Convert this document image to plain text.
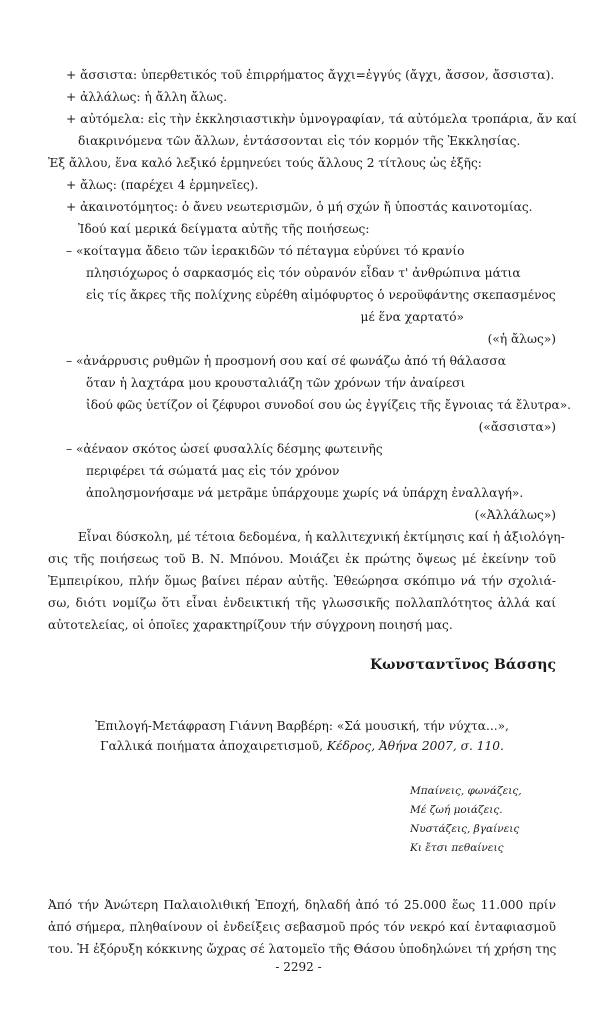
+ ἄσσιστα: ὑπερθετικός τοῦ ἐπιρρήματος ἄγχι=ἐγγύς (ἄγχι, ἄσσον, ἄσσιστα).
+ ἀλλάλως: ἡ ἄλλη ἄλως.
+ αὐτόμελα: εἰς τὴν ἐκκλησιαστικὴν ὑμνογραφίαν, τά αὐτόμελα τροπάρια, ἄν καί
διακρινόμενα τῶν ἄλλων, ἐντάσσονται εἰς τόν κορμόν τῆς Ἐκκλησίας.
Ἐξ ἄλλου, ἕνα καλό λεξικό ἑρμηνεύει τούς ἄλλους 2 τίτλους ὡς ἑξῆς:
+ ἄλως: (παρέχει 4 ἑρμηνεῖες).
+ ἀκαινοτόμητος: ὁ ἄνευ νεωτερισμῶν, ὁ μή σχών ἤ ὑποστάς καινοτομίας.
Ἰδού καί μερικά δείγματα αὐτῆς τῆς ποιήσεως:
– «κοίταγμα ἄδειο τῶν ἱερακιδῶν τό πέταγμα εὐρύνει τό κρανίο
πλησιόχωρος ὁ σαρκασμός εἰς τόν οὐρανόν εἶδαν τ' ἀνθρώπινα μάτια
εἰς τίς ἄκρες τῆς πολίχνης εὑρέθη αἱμόφυρτος ὁ νεροϋφάντης σκεπασμένος
μέ ἕνα χαρτατό»
(«ἡ ἄλως»)
– «ἀνάρρυσις ρυθμῶν ἡ προσμονή σου καί σέ φωνάζω ἀπό τή θάλασσα
ὅταν ἡ λαχτάρα μου κρουσταλιάζη τῶν χρόνων τήν ἀναίρεσι
ἰδού φῶς ὑετίζον οἱ ζέφυροι συνοδοί σου ὡς ἐγγίζεις τῆς ἔγνοιας τά ἔλυτρα».
(«ἄσσιστα»)
– «ἀέναον σκότος ὡσεί φυσαλλίς δέσμης φωτεινῆς
περιφέρει τά σώματά μας εἰς τόν χρόνον
ἀπολησμονήσαμε νά μετρᾶμε ὑπάρχουμε χωρίς νά ὑπάρχη ἐναλλαγή».
(«Ἀλλάλως»)
Εἶναι δύσκολη, μέ τέτοια δεδομένα, ἡ καλλιτεχνική ἐκτίμησις καί ἡ ἀξιολόγη-
σις τῆς ποιήσεως τοῦ Β. Ν. Μπόνου. Μοιάζει ἐκ πρώτης ὄψεως μέ ἐκείνην τοῦ
Ἐμπειρίκου, πλήν ὅμως βαίνει πέραν αὐτῆς. Ἐθεώρησα σκόπιμο νά τήν σχολιά-
σω, διότι νομίζω ὅτι εἶναι ἐνδεικτική τῆς γλωσσικῆς πολλαπλότητος ἀλλά καί
αὐτοτελείας, οἱ ὁποῖες χαρακτηρίζουν τήν σύγχρονη ποιησή μας.
Κωνσταντῖνος Βάσσης
Ἐπιλογή-Μετάφραση Γιάννη Βαρβέρη: «Σά μουσική, τήν νύχτα...»,
Γαλλικά ποιήματα ἀποχαιρετισμοῦ, Κέδρος, Ἀθήνα 2007, σ. 110.
Μπαίνεις, φωνάζεις,
Μέ ζωή μοιάζεις.
Νυστάζεις, βγαίνεις
Κι ἔτσι πεθαίνεις
Ἀπό τήν Ἀνώτερη Παλαιολιθική Ἐποχή, δηλαδή ἀπό τό 25.000 ἕως 11.000 πρίν
ἀπό σήμερα, πληθαίνουν οἱ ἐνδείξεις σεβασμοῦ πρός τόν νεκρό καί ἐνταφιασμοῦ
του. Ἡ ἐξόρυξη κόκκινης ὤχρας σέ λατομεῖο τῆς Θάσου ὑποδηλώνει τή χρήση της
- 2292 -
